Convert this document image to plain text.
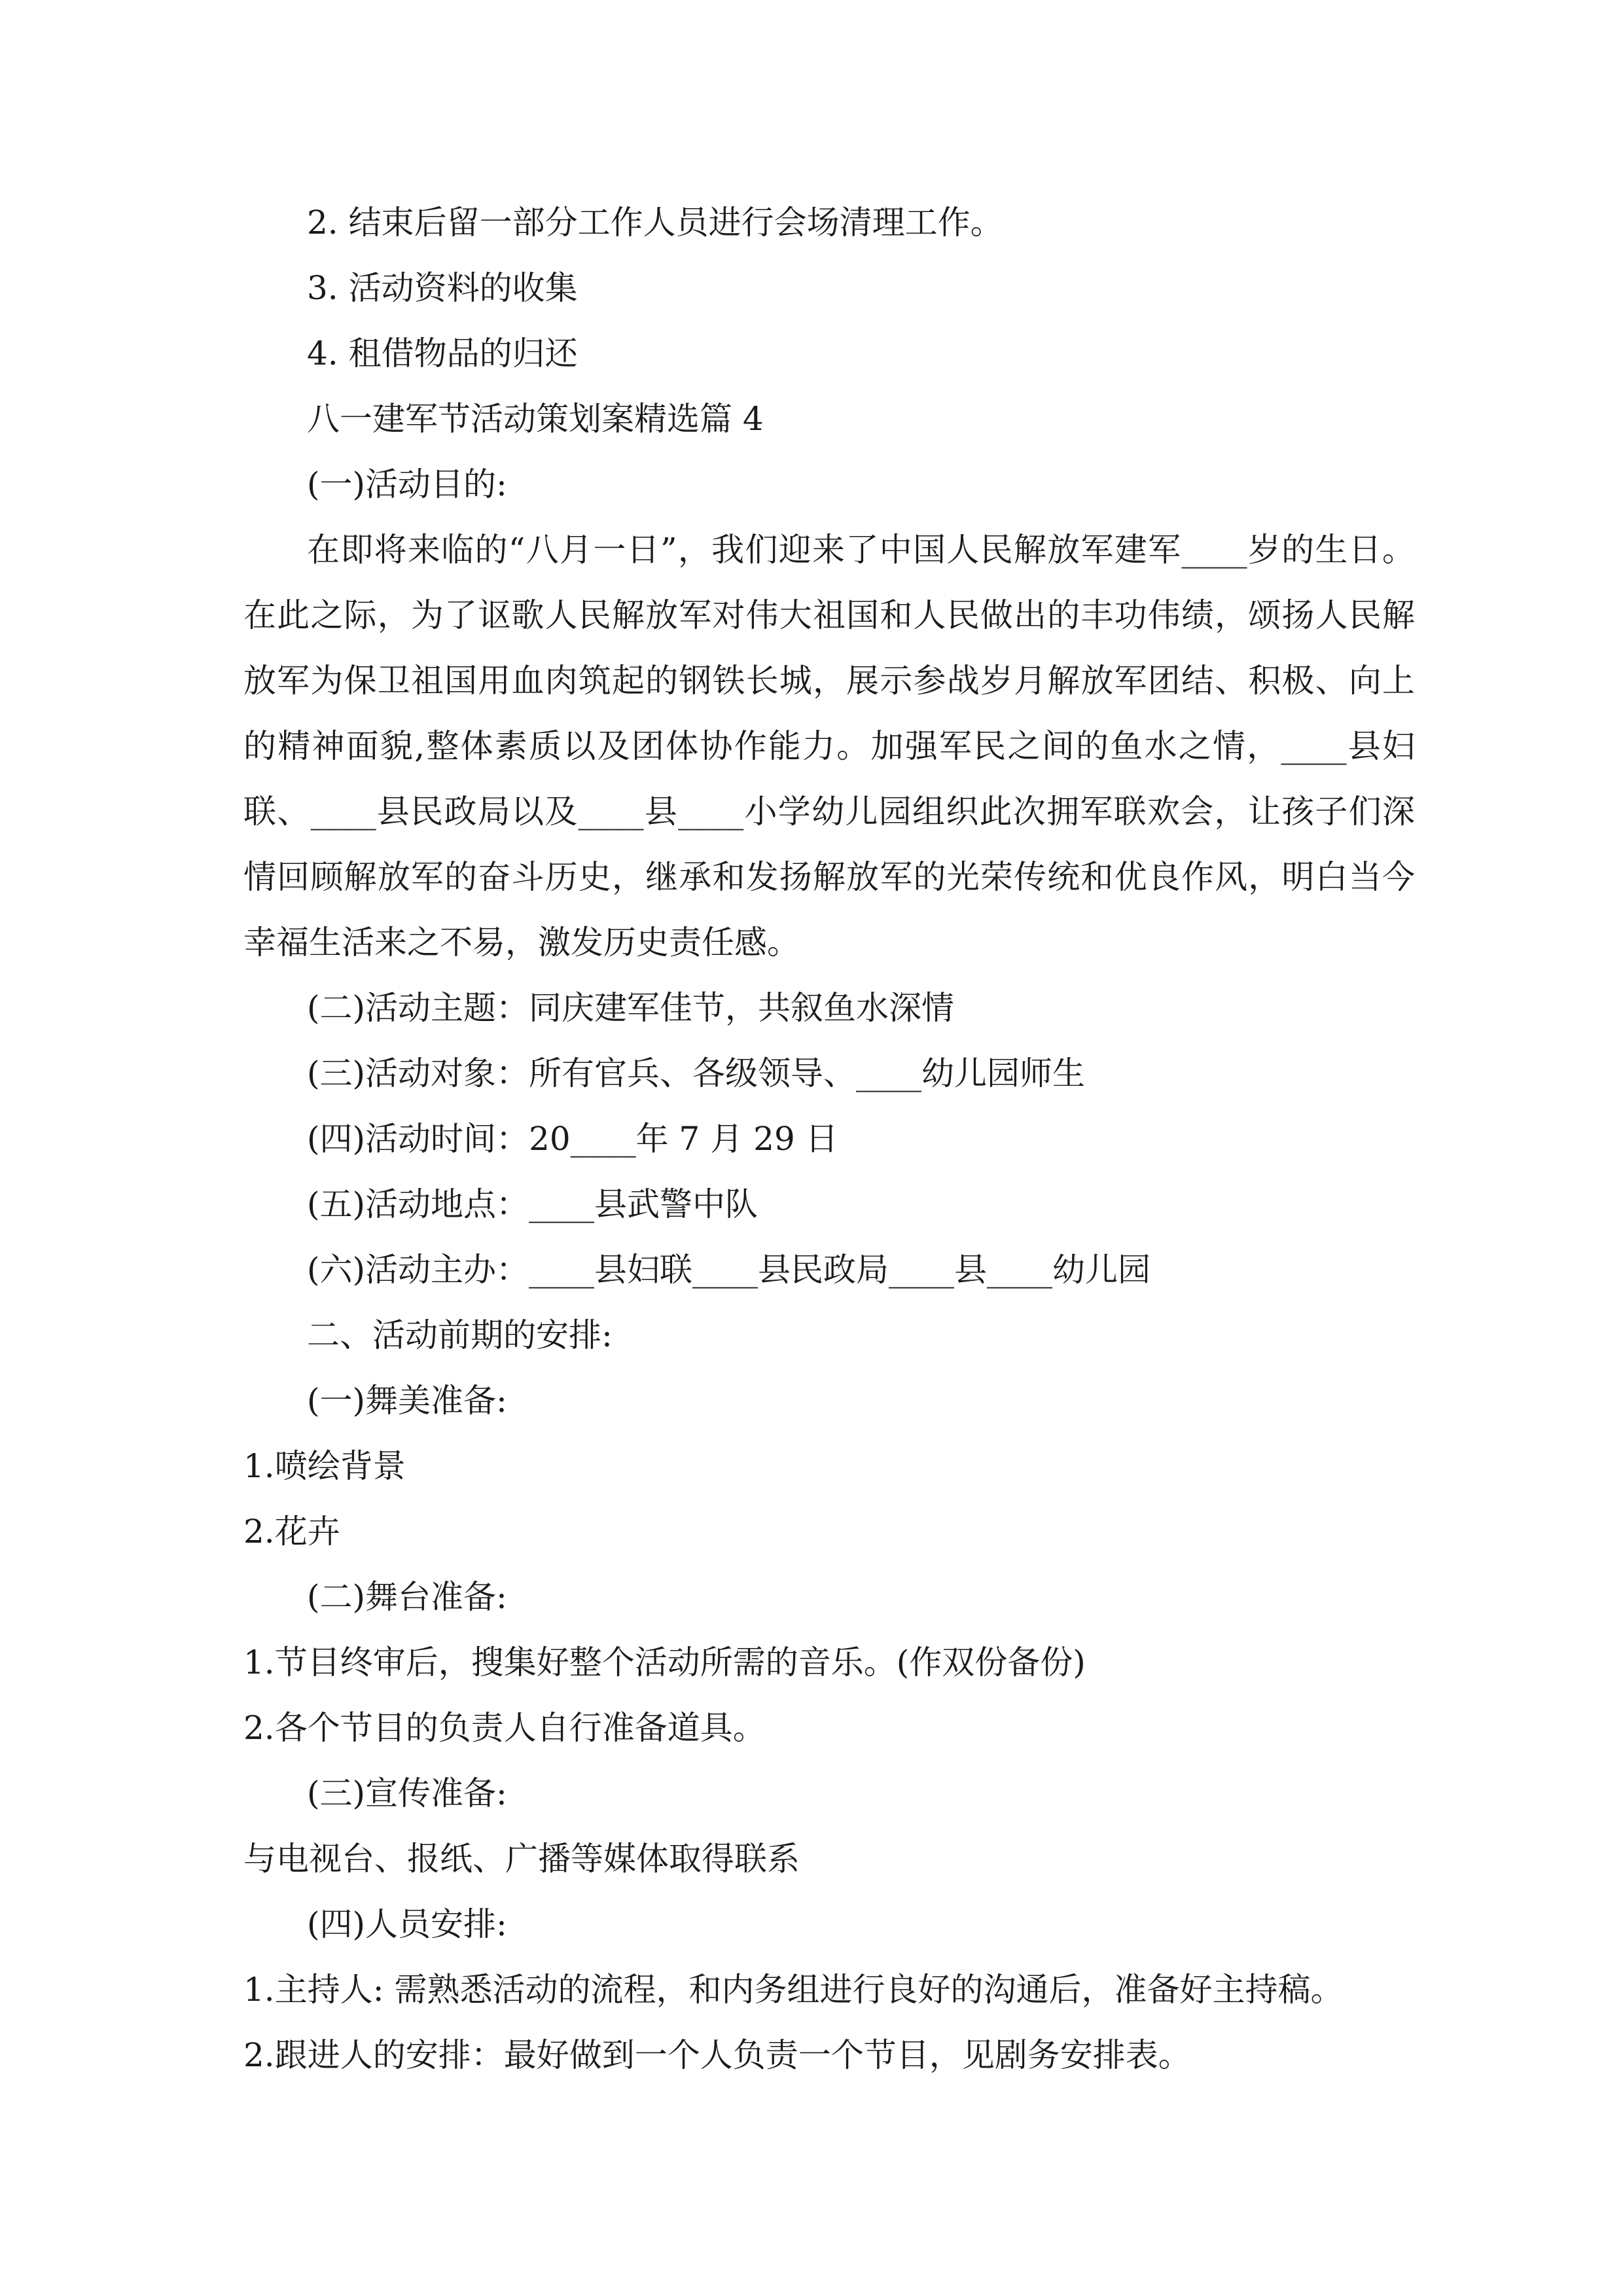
2. 结束后留一部分工作人员进行会场清理工作。
3. 活动资料的收集
4. 租借物品的归还
八一建军节活动策划案精选篇 4
(一)活动目的:

在即将来临的“八月一日”，我们迎来了中国人民解放军建军____岁的生日。在此之际，为了讴歌人民解放军对伟大祖国和人民做出的丰功伟绩，颂扬人民解放军为保卫祖国用血肉筑起的钢铁长城，展示参战岁月解放军团结、积极、向上的精神面貌,整体素质以及团体协作能力。加强军民之间的鱼水之情，____县妇联、____县民政局以及____县____小学幼儿园组织此次拥军联欢会，让孩子们深情回顾解放军的奋斗历史，继承和发扬解放军的光荣传统和优良作风，明白当今幸福生活来之不易，激发历史责任感。

(二)活动主题：同庆建军佳节，共叙鱼水深情
(三)活动对象：所有官兵、各级领导、____幼儿园师生
(四)活动时间：20____年 7 月 29 日
(五)活动地点：____县武警中队
(六)活动主办：____县妇联____县民政局____县____幼儿园
二、活动前期的安排:
(一)舞美准备:
1.喷绘背景
2.花卉
(二)舞台准备:
1.节目终审后，搜集好整个活动所需的音乐。(作双份备份)
2.各个节目的负责人自行准备道具。
(三)宣传准备:
与电视台、报纸、广播等媒体取得联系
(四)人员安排:
1.主持人: 需熟悉活动的流程，和内务组进行良好的沟通后，准备好主持稿。
2.跟进人的安排：最好做到一个人负责一个节目，见剧务安排表。
